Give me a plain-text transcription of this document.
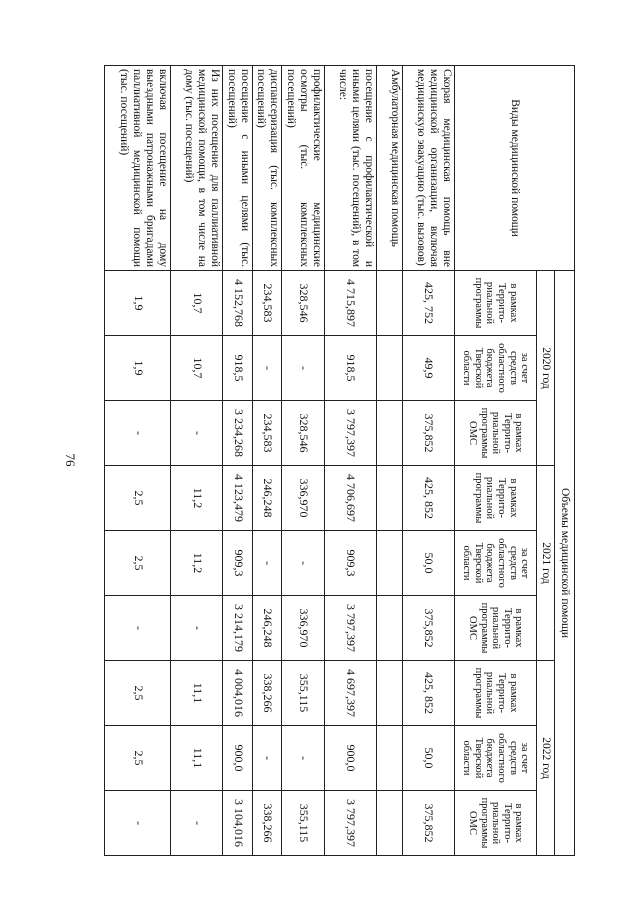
76
Виды медицинской помощи	Объемы медицинской помощи								
	2020 год			2021 год			2022 год		
	в рамках Террито-риальной программы	за счет средств областного бюджета Тверской области	в рамках Террито-риальной программы ОМС	в рамках Террито-риальной программы	за счет средств областного бюджета Тверской области	в рамках Террито-риальной программы ОМС	в рамках Террито-риальной программы	за счет средств областного бюджета Тверской области	в рамках Террито-риальной программы ОМС
Скорая медицинская помощь вне медицинской организации, включая медицинскую эвакуацию (тыс. вызовов)	425, 752	49,9	375,852	425, 852	50,0	375,852	425, 852	50,0	375,852
Амбулаторная медицинская помощь									
посещение с профилактической и иными целями (тыс. посещений), в том числе:	4 715,897	918,5	3 797,397	4 706,697	909,3	3 797,397	4 697,397	900,0	3 797,397
профилактические медицинские осмотры (тыс. комплексных посещений)	328,546	-	328,546	336,970	-	336,970	355,115	-	355,115
диспансеризация (тыс. комплексных посещений)	234,583	-	234,583	246,248	-	246,248	338,266	-	338,266
посещение с иными целями (тыс. посещений)	4 152,768	918,5	3 234,268	4 123,479	909,3	3 214,179	4 004,016	900,0	3 104,016
Из них посещение для паллиативной медицинской помощи, в том числе на дому (тыс. посещений)	10,7	10,7	-	11,2	11,2	-	11,1	11,1	-
включая посещение на дому выездными патронажными бригадами паллиативной медицинской помощи (тыс. посещений)	1,9	1,9	-	2,5	2,5	-	2,5	2,5	-
